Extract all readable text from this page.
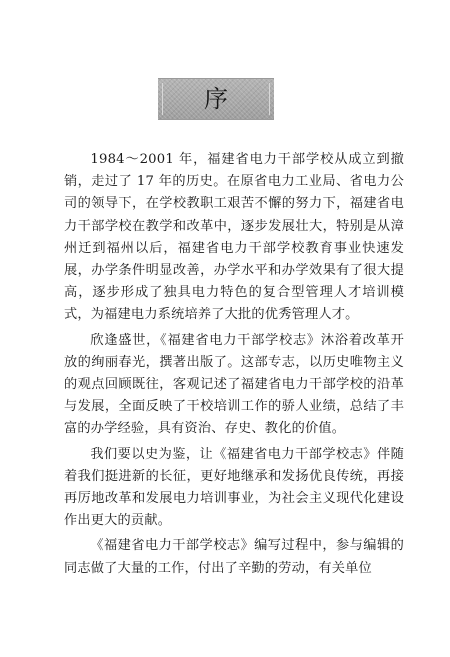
序

1984～2001 年，福建省电力干部学校从成立到撤销，走过了 17 年的历史。在原省电力工业局、省电力公司的领导下，在学校教职工艰苦不懈的努力下，福建省电力干部学校在教学和改革中，逐步发展壮大，特别是从漳州迁到福州以后，福建省电力干部学校教育事业快速发展，办学条件明显改善，办学水平和办学效果有了很大提高，逐步形成了独具电力特色的复合型管理人才培训模式，为福建电力系统培养了大批的优秀管理人才。

欣逢盛世，《福建省电力干部学校志》沐浴着改革开放的绚丽春光，撰著出版了。这部专志，以历史唯物主义的观点回顾既往，客观记述了福建省电力干部学校的沿革与发展，全面反映了干校培训工作的骄人业绩，总结了丰富的办学经验，具有资治、存史、教化的价值。

我们要以史为鉴，让《福建省电力干部学校志》伴随着我们挺进新的长征，更好地继承和发扬优良传统，再接再厉地改革和发展电力培训事业，为社会主义现代化建设作出更大的贡献。

《福建省电力干部学校志》编写过程中，参与编辑的同志做了大量的工作，付出了辛勤的劳动，有关单位
